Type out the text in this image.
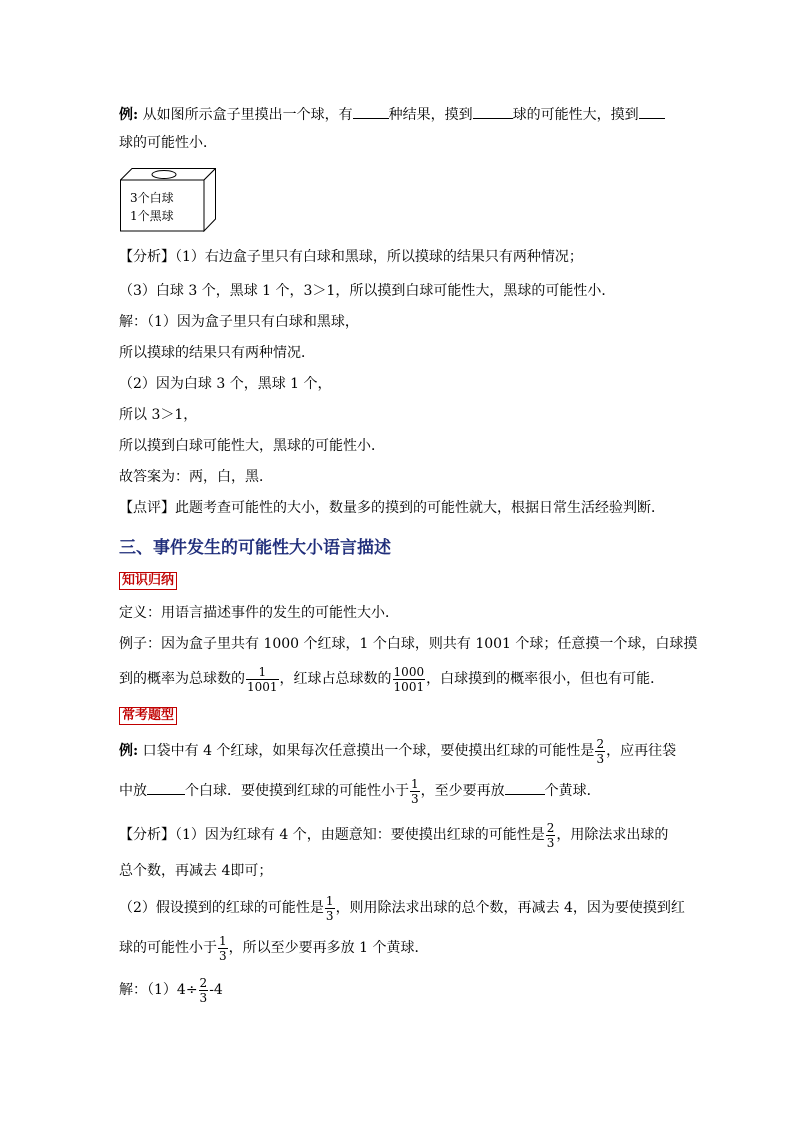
例: 从如图所示盒子里摸出一个球，有	种结果，摸到	球的可能性大，摸到
球的可能性小．
3个白球
1个黑球
【分析】（1）右边盒子里只有白球和黑球，所以摸球的结果只有两种情况；
（3）白球 3 个，黑球 1 个，3＞1，所以摸到白球可能性大，黑球的可能性小．
解：（1）因为盒子里只有白球和黑球，
所以摸球的结果只有两种情况．
（2）因为白球 3 个，黑球 1 个，
所以 3＞1，
所以摸到白球可能性大，黑球的可能性小．
故答案为：两，白，黑．
【点评】此题考查可能性的大小，数量多的摸到的可能性就大，根据日常生活经验判断．
三、事件发生的可能性大小语言描述
知识归纳
定义：用语言描述事件的发生的可能性大小．
例子：因为盒子里共有 1000 个红球，1 个白球，则共有 1001 个球；任意摸一个球，白球摸
到的概率为总球数的 $\frac{1}{1001}$ ，红球占总球数的 $\frac{1000}{1001}$ ，白球摸到的概率很小，但也有可能．
常考题型
例: 口袋中有 4 个红球，如果每次任意摸出一个球，要使摸出红球的可能性是 $\frac{2}{3}$ ，应再往袋
中放	个白球．要使摸到红球的可能性小于 $\frac{1}{3}$ ，至少要再放	个黄球．
【分析】（1）因为红球有 4 个，由题意知：要使摸出红球的可能性是 $\frac{2}{3}$ ，用除法求出球的
总个数，再减去 4即可；
（2）假设摸到的红球的可能性是 $\frac{1}{3}$ ，则用除法求出球的总个数，再减去 4，因为要使摸到红
球的可能性小于 $\frac{1}{3}$ ，所以至少要再多放 1 个黄球．
解：$(1)4\div \frac{2}{3} -4$
